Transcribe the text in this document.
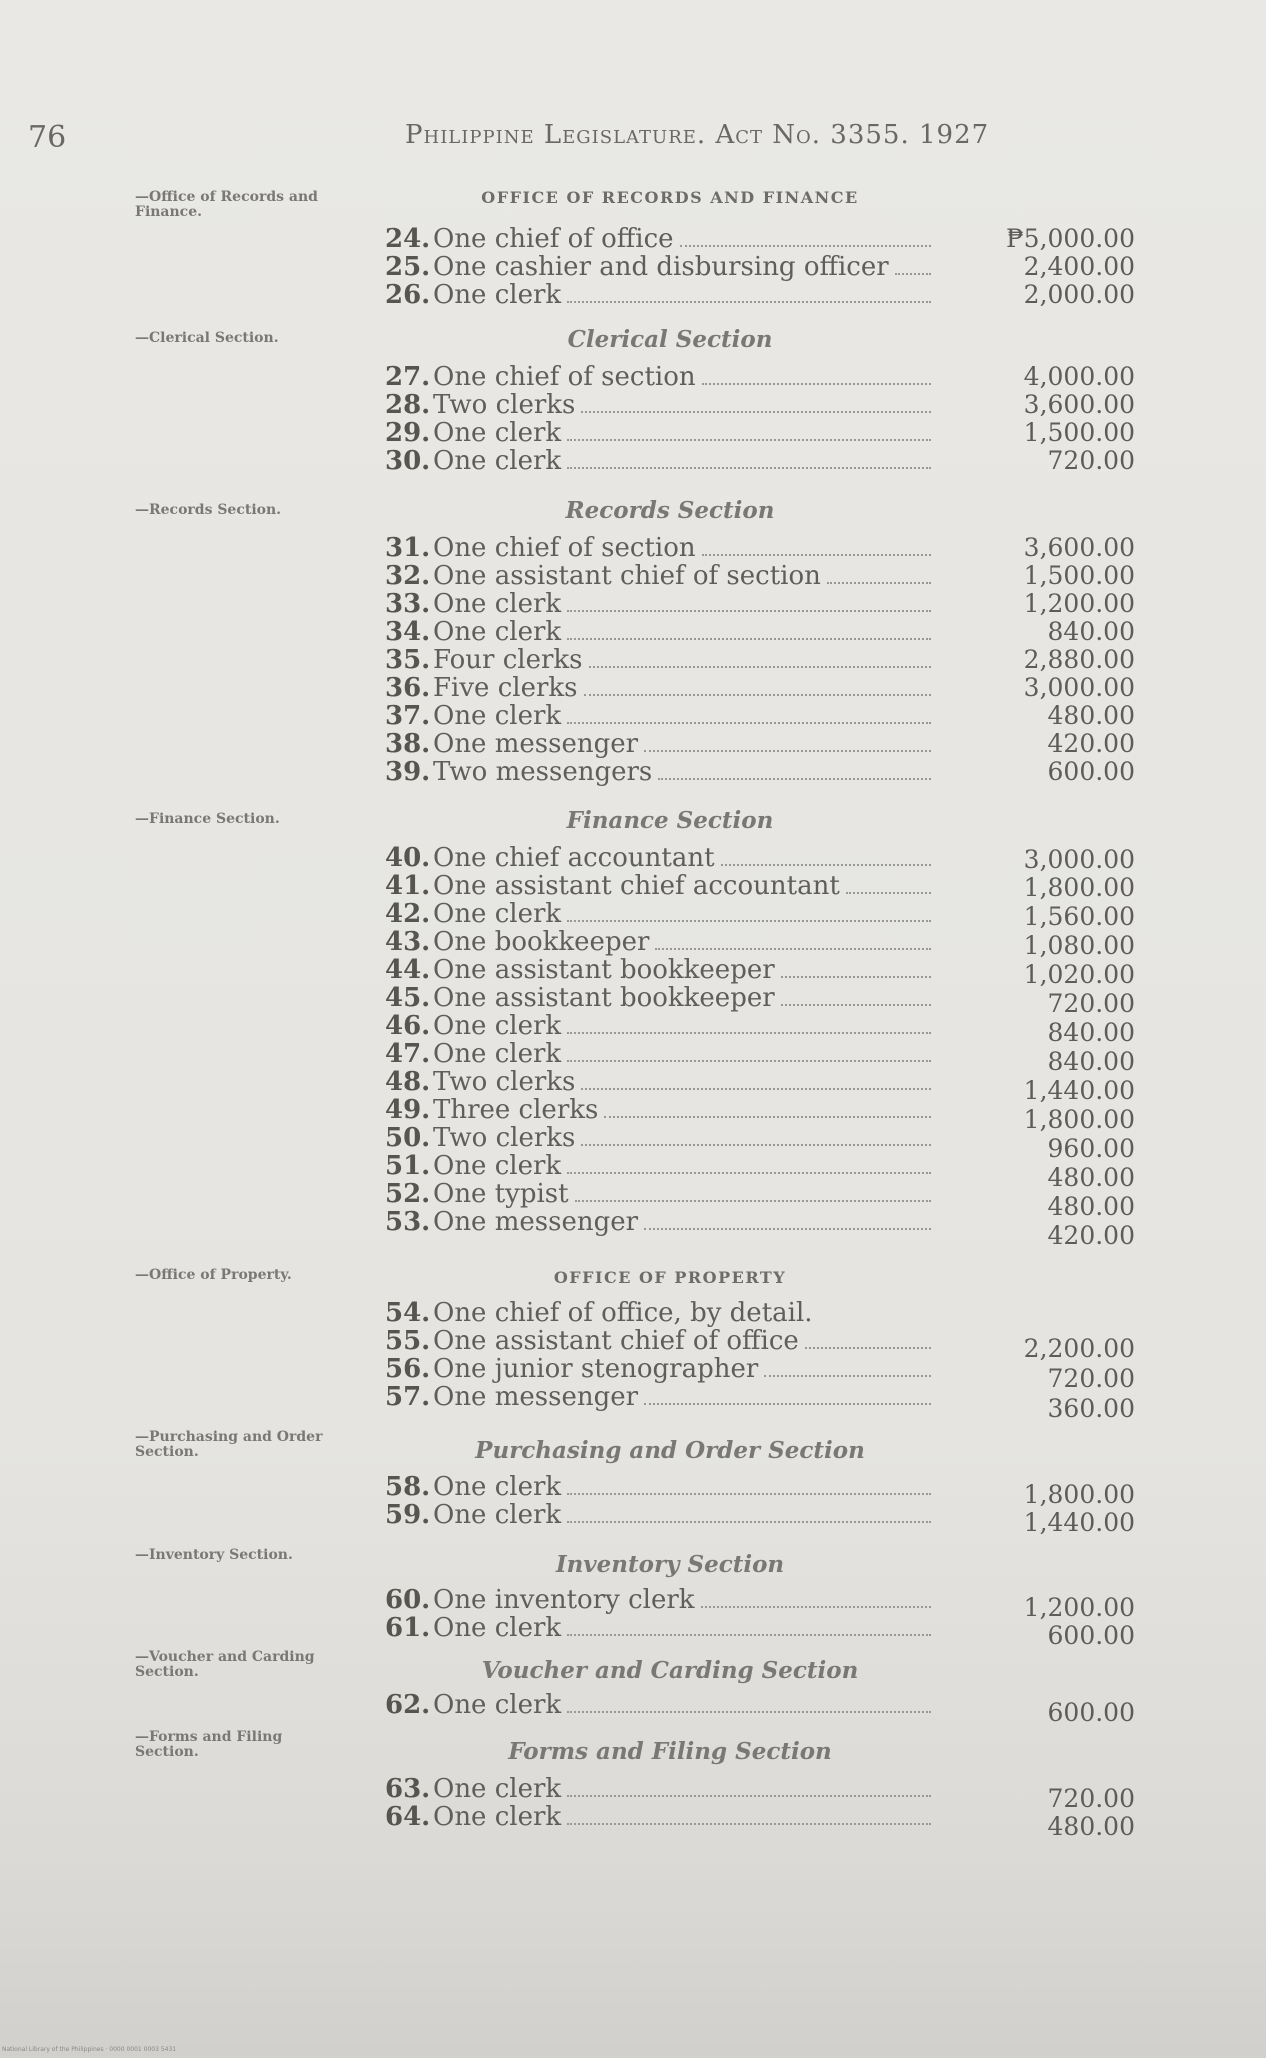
76	Philippine Legislature. Act No. 3355. 1927
—Office of Records and Finance.
OFFICE OF RECORDS AND FINANCE
24. One chief of office	₱5,000.00
25. One cashier and disbursing officer	2,400.00
26. One clerk	2,000.00
—Clerical Section.	Clerical Section
27. One chief of section	4,000.00
28. Two clerks	3,600.00
29. One clerk	1,500.00
30. One clerk	720.00
—Records Section.	Records Section
31. One chief of section	3,600.00
32. One assistant chief of section	1,500.00
33. One clerk	1,200.00
34. One clerk	840.00
35. Four clerks	2,880.00
36. Five clerks	3,000.00
37. One clerk	480.00
38. One messenger	420.00
39. Two messengers	600.00
—Finance Section.	Finance Section
40. One chief accountant	3,000.00
41. One assistant chief accountant	1,800.00
42. One clerk	1,560.00
43. One bookkeeper	1,080.00
44. One assistant bookkeeper	1,020.00
45. One assistant bookkeeper	720.00
46. One clerk	840.00
47. One clerk	840.00
48. Two clerks	1,440.00
49. Three clerks	1,800.00
50. Two clerks	960.00
51. One clerk	480.00
52. One typist	480.00
53. One messenger	420.00
—Office of Property.	OFFICE OF PROPERTY
54. One chief of office, by detail.
55. One assistant chief of office	2,200.00
56. One junior stenographer	720.00
57. One messenger	360.00
—Purchasing and Order Section.	Purchasing and Order Section
58. One clerk	1,800.00
59. One clerk	1,440.00
—Inventory Section.	Inventory Section
60. One inventory clerk	1,200.00
61. One clerk	600.00
—Voucher and Carding Section.	Voucher and Carding Section
62. One clerk	600.00
—Forms and Filing Section.	Forms and Filing Section
63. One clerk	720.00
64. One clerk	480.00
National Library of the Philippines · 0000 0001 0003 5431
